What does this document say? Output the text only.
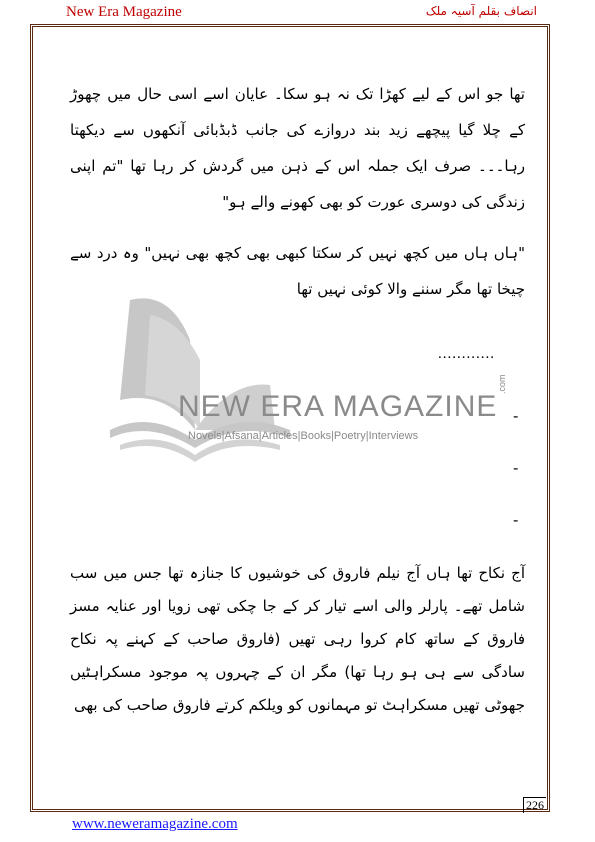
New Era Magazine	انصاف بقلم آسیہ ملک
NEW ERA MAGAZINE
Novels|Afsana|Articles|Books|Poetry|Interviews
.com
تھا جو اس کے لیے کھڑا تک نہ ہو سکا۔ عایان اسے اسی حال میں چھوڑ کے چلا گیا پیچھے زید بند دروازے کی جانب ڈبڈبائی آنکھوں سے دیکھتا رہا۔۔۔ صرف ایک جملہ اس کے ذہن میں گردش کر رہا تھا "تم اپنی زندگی کی دوسری عورت کو بھی کھونے والے ہو"
"ہاں ہاں میں کچھ نہیں کر سکتا کبھی بھی کچھ بھی نہیں" وہ درد سے چیخا تھا مگر سننے والا کوئی نہیں تھا
............
-
-
-
آج نکاح تھا ہاں آج نیلم فاروق کی خوشیوں کا جنازہ تھا جس میں سب شامل تھے۔ پارلر والی اسے تیار کر کے جا چکی تھی زویا اور عنایہ مسز فاروق کے ساتھ کام کروا رہی تھیں (فاروق صاحب کے کہنے پہ نکاح سادگی سے ہی ہو رہا تھا) مگر ان کے چہروں پہ موجود مسکراہٹیں جھوٹی تھیں مسکراہٹ تو مہمانوں کو ویلکم کرتے فاروق صاحب کی بھی
226
www.neweramagazine.com
